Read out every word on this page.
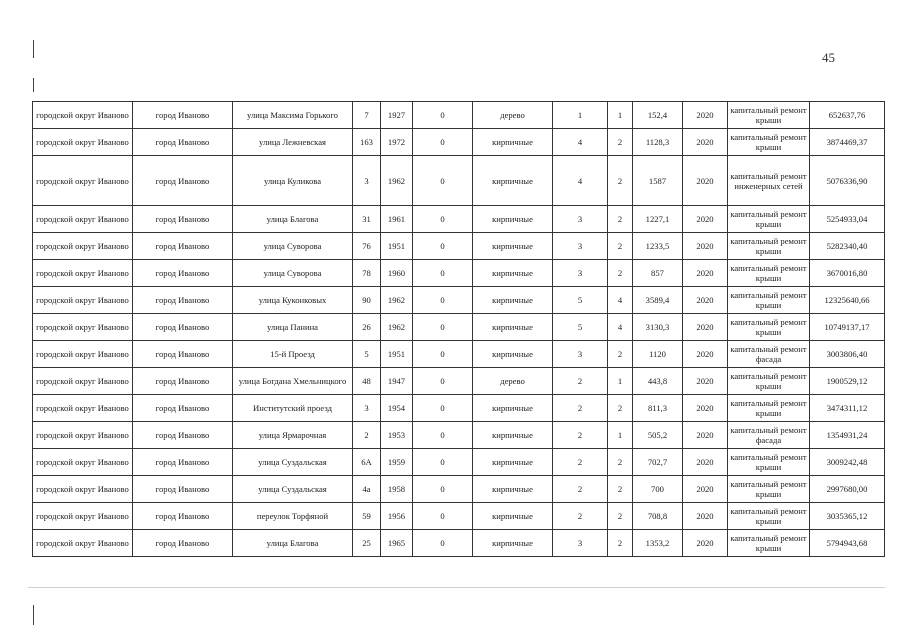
45
городской округ Иваново	город Иваново	улица Максима Горького	7	1927	0	дерево	1	1	152,4	2020	капитальный ремонт крыши	652637,76
городской округ Иваново	город Иваново	улица Лежневская	163	1972	0	кирпичные	4	2	1128,3	2020	капитальный ремонт крыши	3874469,37
городской округ Иваново	город Иваново	улица Куликова	3	1962	0	кирпичные	4	2	1587	2020	капитальный ремонт инженерных сетей	5076336,90
городской округ Иваново	город Иваново	улица Благова	31	1961	0	кирпичные	3	2	1227,1	2020	капитальный ремонт крыши	5254933,04
городской округ Иваново	город Иваново	улица Суворова	76	1951	0	кирпичные	3	2	1233,5	2020	капитальный ремонт крыши	5282340,40
городской округ Иваново	город Иваново	улица Суворова	78	1960	0	кирпичные	3	2	857	2020	капитальный ремонт крыши	3670016,80
городской округ Иваново	город Иваново	улица Куконковых	90	1962	0	кирпичные	5	4	3589,4	2020	капитальный ремонт крыши	12325640,66
городской округ Иваново	город Иваново	улица Панина	26	1962	0	кирпичные	5	4	3130,3	2020	капитальный ремонт крыши	10749137,17
городской округ Иваново	город Иваново	15-й Проезд	5	1951	0	кирпичные	3	2	1120	2020	капитальный ремонт фасада	3003806,40
городской округ Иваново	город Иваново	улица Богдана Хмельницкого	48	1947	0	дерево	2	1	443,8	2020	капитальный ремонт крыши	1900529,12
городской округ Иваново	город Иваново	Институтский проезд	3	1954	0	кирпичные	2	2	811,3	2020	капитальный ремонт крыши	3474311,12
городской округ Иваново	город Иваново	улица Ярмарочная	2	1953	0	кирпичные	2	1	505,2	2020	капитальный ремонт фасада	1354931,24
городской округ Иваново	город Иваново	улица Суздальская	6А	1959	0	кирпичные	2	2	702,7	2020	капитальный ремонт крыши	3009242,48
городской округ Иваново	город Иваново	улица Суздальская	4а	1958	0	кирпичные	2	2	700	2020	капитальный ремонт крыши	2997680,00
городской округ Иваново	город Иваново	переулок Торфяной	59	1956	0	кирпичные	2	2	708,8	2020	капитальный ремонт крыши	3035365,12
городской округ Иваново	город Иваново	улица Благова	25	1965	0	кирпичные	3	2	1353,2	2020	капитальный ремонт крыши	5794943,68
